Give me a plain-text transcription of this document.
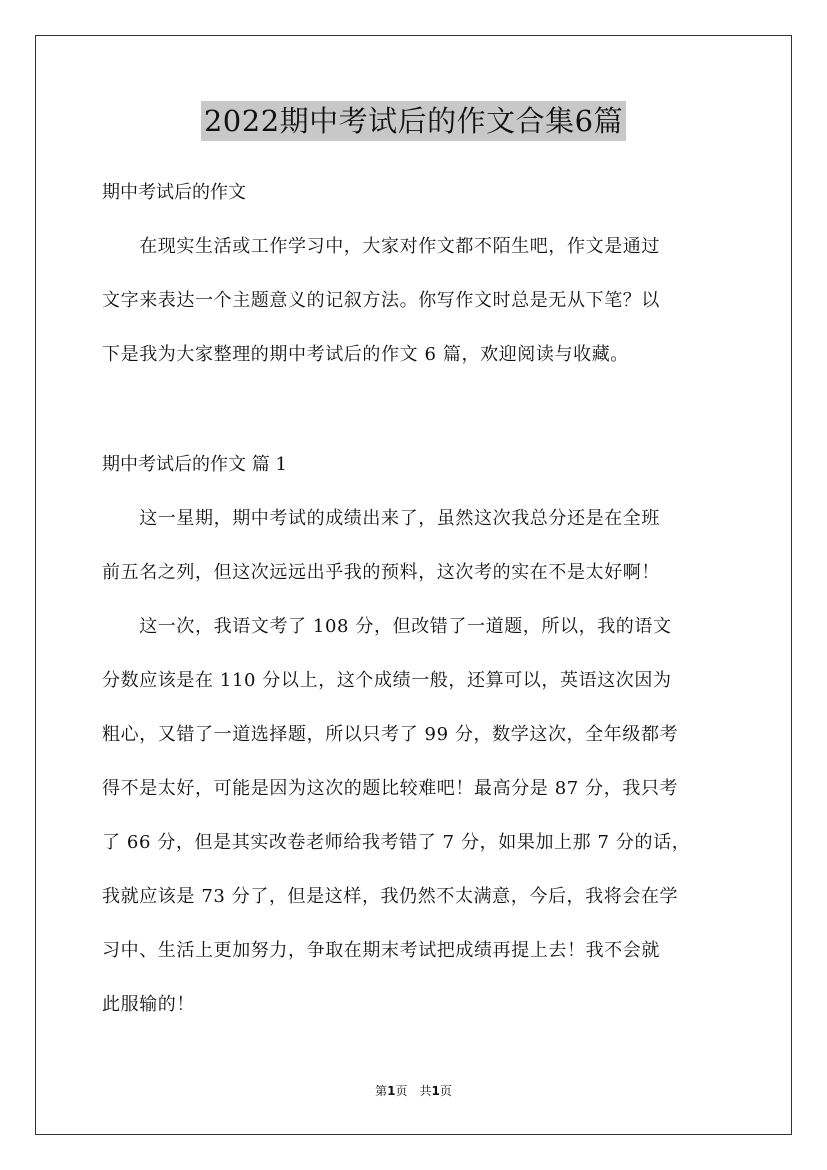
2022期中考试后的作文合集6篇
期中考试后的作文
　　在现实生活或工作学习中，大家对作文都不陌生吧，作文是通过
文字来表达一个主题意义的记叙方法。你写作文时总是无从下笔？以
下是我为大家整理的期中考试后的作文 6 篇，欢迎阅读与收藏。
期中考试后的作文 篇 1
　　这一星期，期中考试的成绩出来了，虽然这次我总分还是在全班
前五名之列，但这次远远出乎我的预料，这次考的实在不是太好啊！
　　这一次，我语文考了 108 分，但改错了一道题，所以，我的语文
分数应该是在 110 分以上，这个成绩一般，还算可以，英语这次因为
粗心，又错了一道选择题，所以只考了 99 分，数学这次，全年级都考
得不是太好，可能是因为这次的题比较难吧！最高分是 87 分，我只考
了 66 分，但是其实改卷老师给我考错了 7 分，如果加上那 7 分的话，
我就应该是 73 分了，但是这样，我仍然不太满意，今后，我将会在学
习中、生活上更加努力，争取在期末考试把成绩再提上去！我不会就
此服输的！
第1页　共1页
